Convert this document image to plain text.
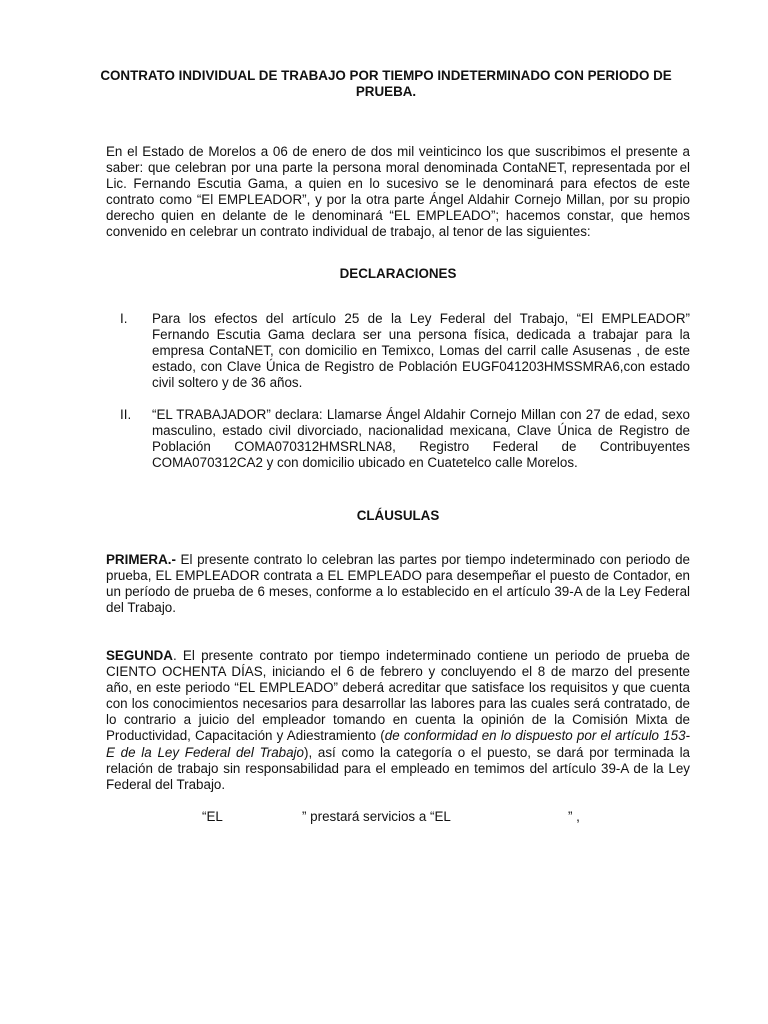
CONTRATO INDIVIDUAL DE TRABAJO POR TIEMPO INDETERMINADO CON PERIODO DE PRUEBA.

En el Estado de Morelos a 06 de enero de dos mil veinticinco los que suscribimos el presente a saber: que celebran por una parte la persona moral denominada ContaNET, representada por el Lic. Fernando Escutia Gama, a quien en lo sucesivo se le denominará para efectos de este contrato como “El EMPLEADOR”, y por la otra parte Ángel Aldahir Cornejo Millan, por su propio derecho quien en delante de le denominará “EL EMPLEADO”; hacemos constar, que hemos convenido en celebrar un contrato individual de trabajo, al tenor de las siguientes:

DECLARACIONES

I. Para los efectos del artículo 25 de la Ley Federal del Trabajo, “El EMPLEADOR” Fernando Escutia Gama declara ser una persona física, dedicada a trabajar para la empresa ContaNET, con domicilio en Temixco, Lomas del carril calle Asusenas , de este estado, con Clave Única de Registro de Población EUGF041203HMSSMRA6,con estado civil soltero y de 36 años.
II. “EL TRABAJADOR” declara: Llamarse Ángel Aldahir Cornejo Millan con 27 de edad, sexo masculino, estado civil divorciado, nacionalidad mexicana, Clave Única de Registro de Población COMA070312HMSRLNA8, Registro Federal de Contribuyentes COMA070312CA2 y con domicilio ubicado en Cuatetelco calle Morelos.

CLÁUSULAS

PRIMERA.- El presente contrato lo celebran las partes por tiempo indeterminado con periodo de prueba, EL EMPLEADOR contrata a EL EMPLEADO para desempeñar el puesto de Contador, en un período de prueba de 6 meses, conforme a lo establecido en el artículo 39-A de la Ley Federal del Trabajo.

SEGUNDA. El presente contrato por tiempo indeterminado contiene un periodo de prueba de CIENTO OCHENTA DÍAS, iniciando el 6 de febrero y concluyendo el 8 de marzo del presente año, en este periodo “EL EMPLEADO” deberá acreditar que satisface los requisitos y que cuenta con los conocimientos necesarios para desarrollar las labores para las cuales será contratado, de lo contrario a juicio del empleador tomando en cuenta la opinión de la Comisión Mixta de Productividad, Capacitación y Adiestramiento (de conformidad en lo dispuesto por el artículo 153-E de la Ley Federal del Trabajo), así como la categoría o el puesto, se dará por terminada la relación de trabajo sin responsabilidad para el empleado en temimos del artículo 39-A de la Ley Federal del Trabajo.

“EL	” prestará servicios a “EL	” ,
